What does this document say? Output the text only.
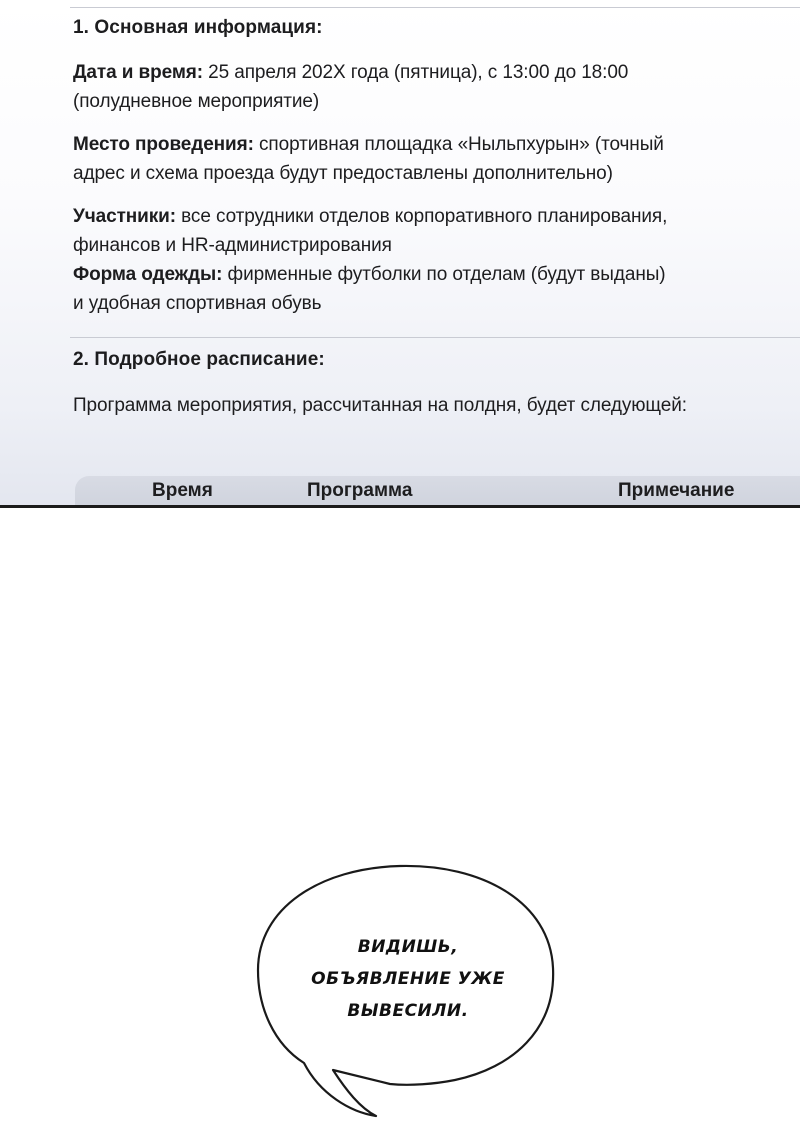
1. Основная информация:
Дата и время: 25 апреля 202X года (пятница), с 13:00 до 18:00
(полудневное мероприятие)
Место проведения: спортивная площадка «Ныльпхурын» (точный
адрес и схема проезда будут предоставлены дополнительно)
Участники: все сотрудники отделов корпоративного планирования,
финансов и HR-администрирования
Форма одежды: фирменные футболки по отделам (будут выданы)
и удобная спортивная обувь
2. Подробное расписание:
Программа мероприятия, рассчитанная на полдня, будет следующей:
Время	Программа	Примечание
ВИДИШЬ,
ОБЪЯВЛЕНИЕ УЖЕ
ВЫВЕСИЛИ.
